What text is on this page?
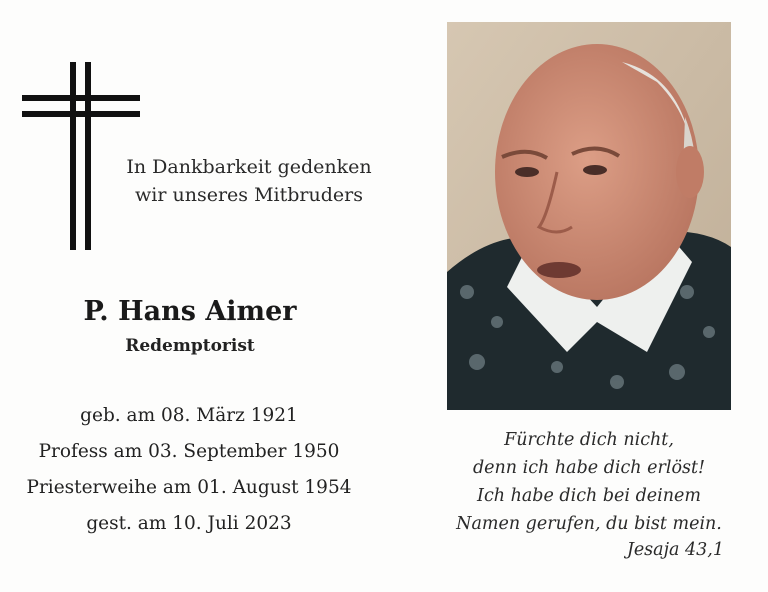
In Dankbarkeit gedenken
wir unseres Mitbruders
P. Hans Aimer
Redemptorist
geb. am 08. März 1921
Profess am 03. September 1950
Priesterweihe am 01. August 1954
gest. am 10. Juli 2023
Fürchte dich nicht,
denn ich habe dich erlöst!
Ich habe dich bei deinem
Namen gerufen, du bist mein.
Jesaja 43,1
